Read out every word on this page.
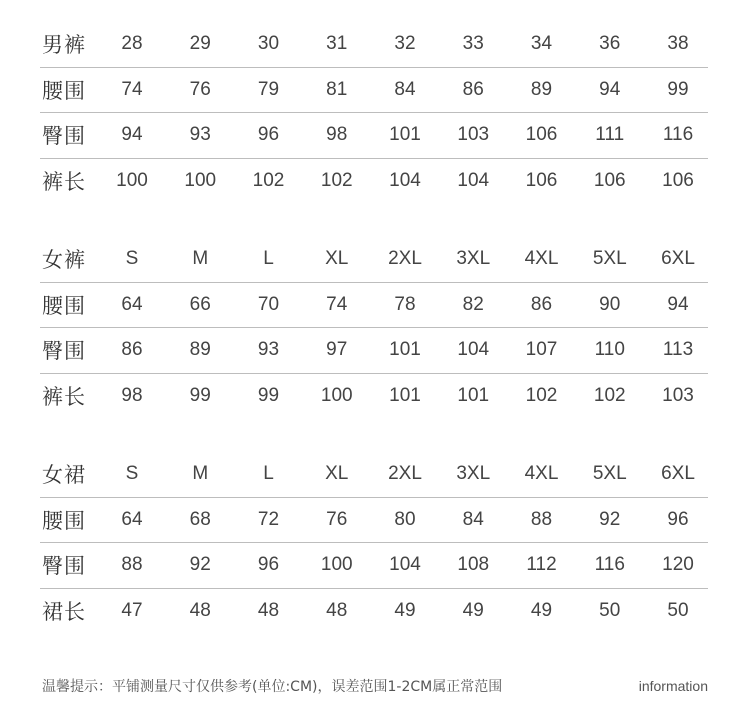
男裤	28	29	30	31	32	33	34	36	38
腰围	74	76	79	81	84	86	89	94	99
臀围	94	93	96	98	101	103	106	111	116
裤长	100	100	102	102	104	104	106	106	106
女裤	S	M	L	XL	2XL	3XL	4XL	5XL	6XL
腰围	64	66	70	74	78	82	86	90	94
臀围	86	89	93	97	101	104	107	110	113
裤长	98	99	99	100	101	101	102	102	103
女裙	S	M	L	XL	2XL	3XL	4XL	5XL	6XL
腰围	64	68	72	76	80	84	88	92	96
臀围	88	92	96	100	104	108	112	116	120
裙长	47	48	48	48	49	49	49	50	50
温馨提示：平铺测量尺寸仅供参考(单位:CM)，误差范围1-2CM属正常范围	information
